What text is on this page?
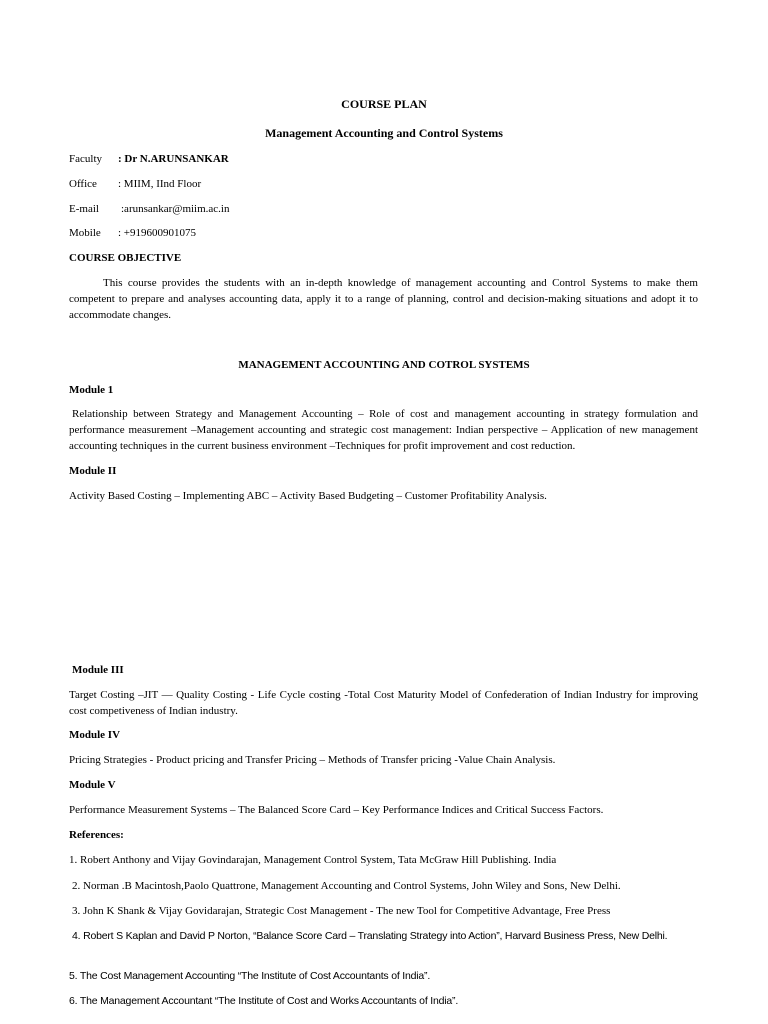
COURSE PLAN
Management Accounting and Control Systems
Faculty : Dr N.ARUNSANKAR
Office : MIIM, IInd Floor
E-mail :arunsankar@miim.ac.in
Mobile : +919600901075
COURSE OBJECTIVE
This course provides the students with an in-depth knowledge of management accounting and Control Systems to make them competent to prepare and analyses accounting data, apply it to a range of planning, control and decision-making situations and adopt it to accommodate changes.
MANAGEMENT ACCOUNTING AND COTROL SYSTEMS
Module 1
Relationship between Strategy and Management Accounting – Role of cost and management accounting in strategy formulation and performance measurement –Management accounting and strategic cost management: Indian perspective – Application of new management accounting techniques in the current business environment –Techniques for profit improvement and cost reduction.
Module II
Activity Based Costing – Implementing ABC – Activity Based Budgeting – Customer Profitability Analysis.
Module III
Target Costing –JIT — Quality Costing - Life Cycle costing -Total Cost Maturity Model of Confederation of Indian Industry for improving cost competiveness of Indian industry.
Module IV
Pricing Strategies - Product pricing and Transfer Pricing – Methods of Transfer pricing -Value Chain Analysis.
Module V
Performance Measurement Systems – The Balanced Score Card – Key Performance Indices and Critical Success Factors.
References:
1. Robert Anthony and Vijay Govindarajan, Management Control System, Tata McGraw Hill Publishing. India
2. Norman .B Macintosh,Paolo Quattrone, Management Accounting and Control Systems, John Wiley and Sons, New Delhi.
3. John K Shank & Vijay Govidarajan, Strategic Cost Management - The new Tool for Competitive Advantage, Free Press
4. Robert S Kaplan and David P Norton, “Balance Score Card – Translating Strategy into Action”, Harvard Business Press, New Delhi.
5. The Cost Management Accounting “The Institute of Cost Accountants of India”.
6. The Management Accountant “The Institute of Cost and Works Accountants of India”.
